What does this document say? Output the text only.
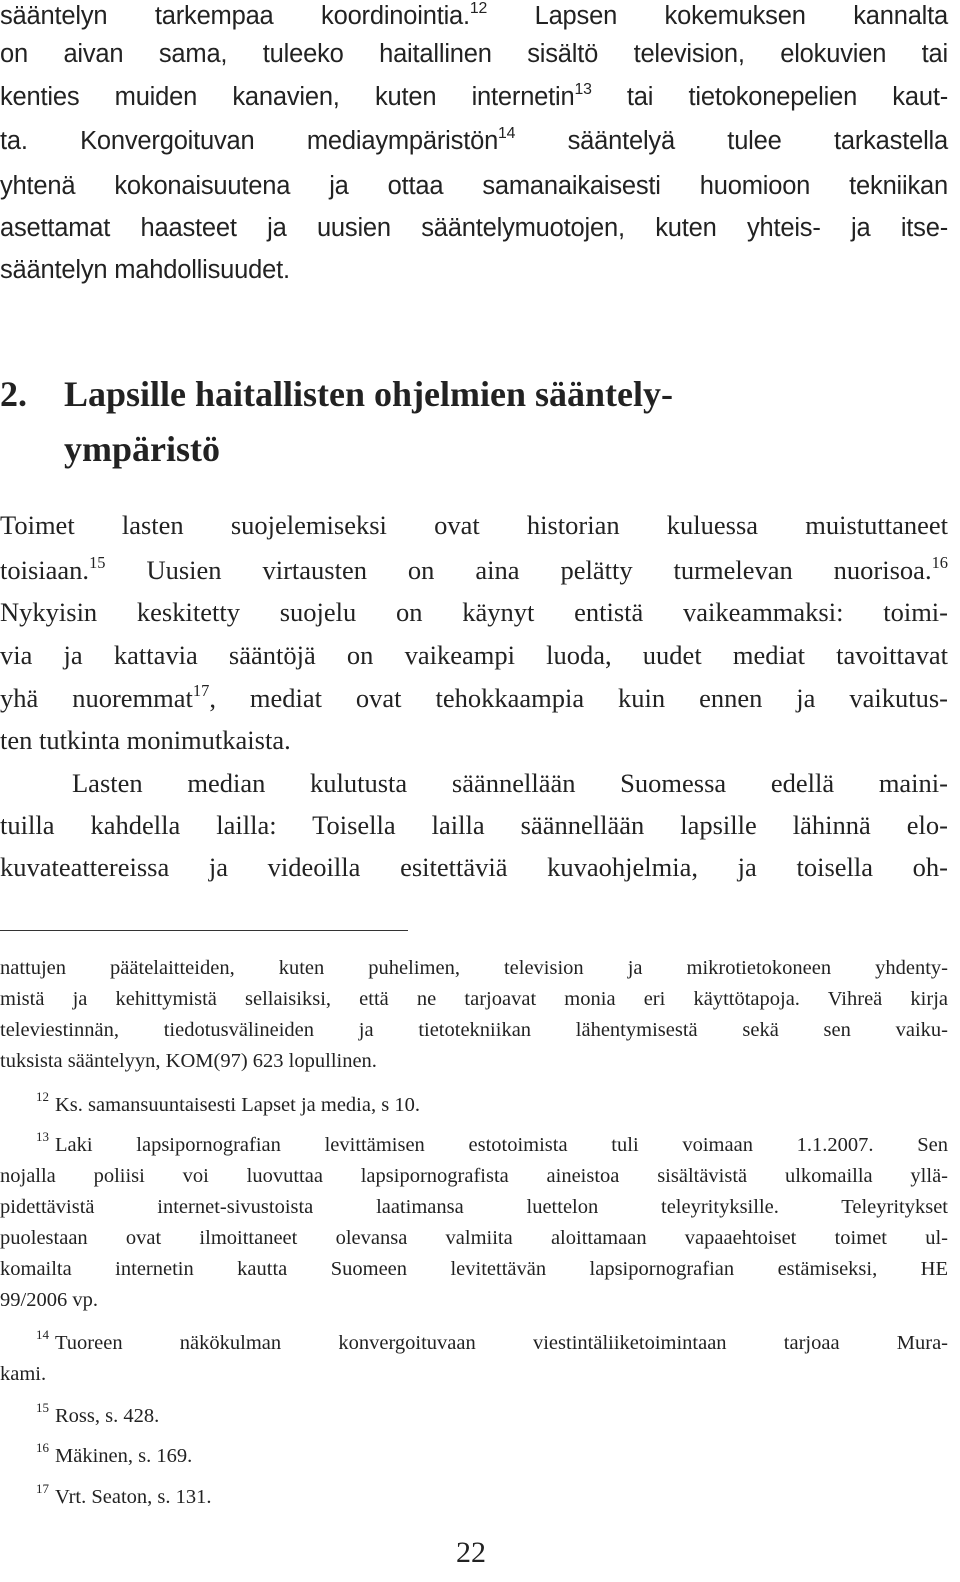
sääntelyn tarkempaa koordinointia.$^{12}$ Lapsen kokemuksen kannalta
on aivan sama, tuleeko haitallinen sisältö television, elokuvien tai
kenties muiden kanavien, kuten internetin$^{13}$ tai tietokonepelien kaut-
ta. Konvergoituvan mediaympäristön$^{14}$ sääntelyä tulee tarkastella
yhtenä kokonaisuutena ja ottaa samanaikaisesti huomioon tekniikan
asettamat haasteet ja uusien sääntelymuotojen, kuten yhteis- ja itse-
sääntelyn mahdollisuudet.
2. Lapsille haitallisten ohjelmien sääntely-
ympäristö
Toimet lasten suojelemiseksi ovat historian kuluessa muistuttaneet
toisiaan.$^{15}$ Uusien virtausten on aina pelätty turmelevan nuorisoa.$^{16}$
Nykyisin keskitetty suojelu on käynyt entistä vaikeammaksi: toimi-
via ja kattavia sääntöjä on vaikeampi luoda, uudet mediat tavoittavat
yhä nuoremmat$^{17}$, mediat ovat tehokkaampia kuin ennen ja vaikutus-
ten tutkinta monimutkaista.
Lasten median kulutusta säännellään Suomessa edellä maini-
tuilla kahdella lailla: Toisella lailla säännellään lapsille lähinnä elo-
kuvateattereissa ja videoilla esitettäviä kuvaohjelmia, ja toisella oh-
nattujen päätelaitteiden, kuten puhelimen, television ja mikrotietokoneen yhdenty-
mistä ja kehittymistä sellaisiksi, että ne tarjoavat monia eri käyttötapoja. Vihreä kirja
televiestinnän, tiedotusvälineiden ja tietotekniikan lähentymisestä sekä sen vaiku-
tuksista sääntelyyn, KOM(97) 623 lopullinen.
$^{12}$ Ks. samansuuntaisesti Lapset ja media, s 10.
$^{13}$ Laki lapsipornografian levittämisen estotoimista tuli voimaan 1.1.2007. Sen
nojalla poliisi voi luovuttaa lapsipornografista aineistoa sisältävistä ulkomailla yllä-
pidettävistä internet-sivustoista laatimansa luettelon teleyrityksille. Teleyritykset
puolestaan ovat ilmoittaneet olevansa valmiita aloittamaan vapaaehtoiset toimet ul-
komailta internetin kautta Suomeen levitettävän lapsipornografian estämiseksi, HE
99/2006 vp.
$^{14}$ Tuoreen näkökulman konvergoituvaan viestintäliiketoimintaan tarjoaa Mura-
kami.
$^{15}$ Ross, s. 428.
$^{16}$ Mäkinen, s. 169.
$^{17}$ Vrt. Seaton, s. 131.
22
